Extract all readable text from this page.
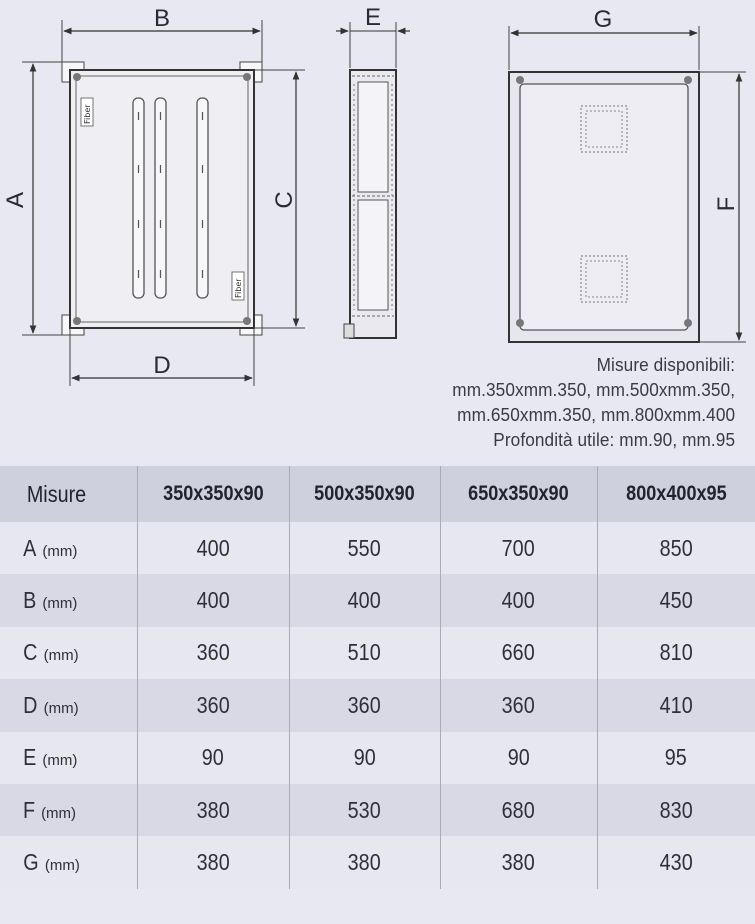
Fiber
Fiber
B
A	C
D
E	G
F
Misure disponibili:
mm.350xmm.350, mm.500xmm.350,
mm.650xmm.350, mm.800xmm.400
Profondità utile: mm.90, mm.95
Misure	350x350x90	500x350x90	650x350x90	800x400x95
A (mm)	400	550	700	850
B (mm)	400	400	400	450
C (mm)	360	510	660	810
D (mm)	360	360	360	410
E (mm)	90	90	90	95
F (mm)	380	530	680	830
G (mm)	380	380	380	430
